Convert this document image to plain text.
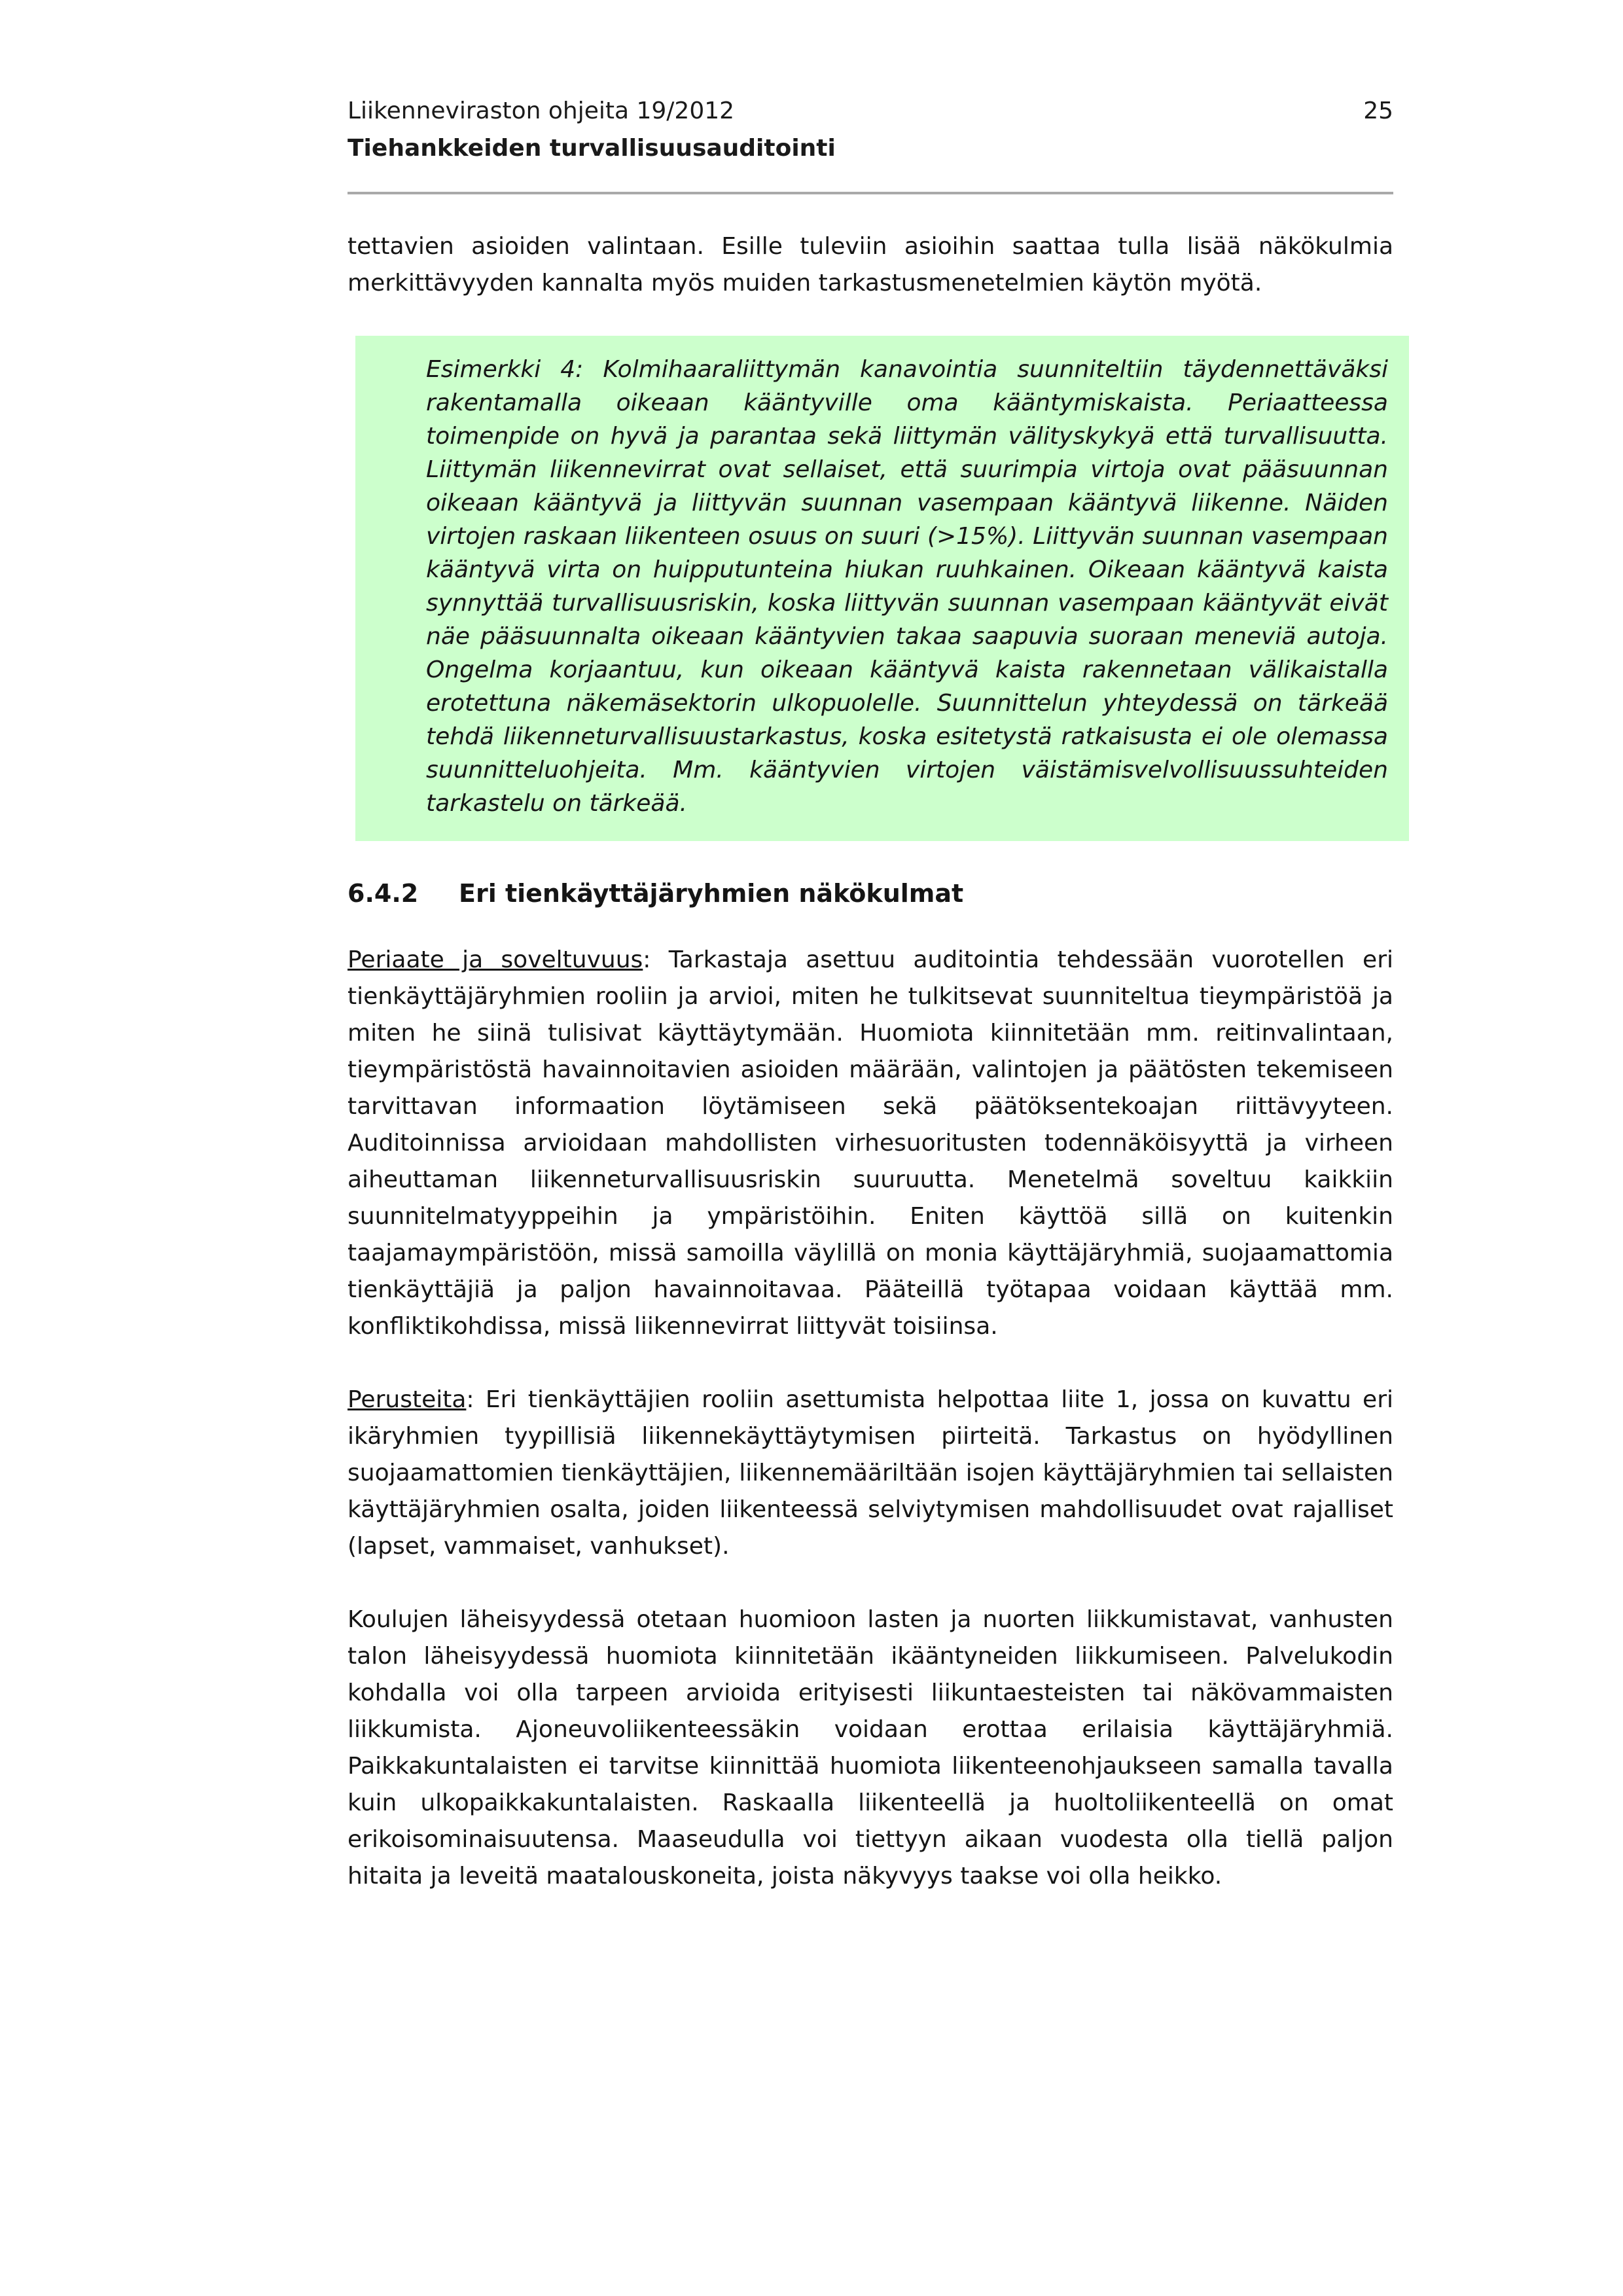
Liikenneviraston ohjeita 19/2012
Tiehankkeiden turvallisuusauditointi
25

tettavien asioiden valintaan. Esille tuleviin asioihin saattaa tulla lisää näkökulmia merkittävyyden kannalta myös muiden tarkastusmenetelmien käytön myötä.

Esimerkki 4: Kolmihaaraliittymän kanavointia suunniteltiin täydennettäväksi rakentamalla oikeaan kääntyville oma kääntymiskaista. Periaatteessa toimenpide on hyvä ja parantaa sekä liittymän välityskykyä että turvallisuutta. Liittymän liikennevirrat ovat sellaiset, että suurimpia virtoja ovat pääsuunnan oikeaan kääntyvä ja liittyvän suunnan vasempaan kääntyvä liikenne. Näiden virtojen raskaan liikenteen osuus on suuri (>15%). Liittyvän suunnan vasempaan kääntyvä virta on huipputunteina hiukan ruuhkainen. Oikeaan kääntyvä kaista synnyttää turvallisuusriskin, koska liittyvän suunnan vasempaan kääntyvät eivät näe pääsuunnalta oikeaan kääntyvien takaa saapuvia suoraan meneviä autoja. Ongelma korjaantuu, kun oikeaan kääntyvä kaista rakennetaan välikaistalla erotettuna näkemäsektorin ulkopuolelle. Suunnittelun yhteydessä on tärkeää tehdä liikenneturvallisuustarkastus, koska esitetystä ratkaisusta ei ole olemassa suunnitteluohjeita. Mm. kääntyvien virtojen väistämisvelvollisuussuhteiden tarkastelu on tärkeää.

6.4.2 Eri tienkäyttäjäryhmien näkökulmat

Periaate ja soveltuvuus: Tarkastaja asettuu auditointia tehdessään vuorotellen eri tienkäyttäjäryhmien rooliin ja arvioi, miten he tulkitsevat suunniteltua tieympäristöä ja miten he siinä tulisivat käyttäytymään. Huomiota kiinnitetään mm. reitinvalintaan, tieympäristöstä havainnoitavien asioiden määrään, valintojen ja päätösten tekemiseen tarvittavan informaation löytämiseen sekä päätöksentekoajan riittävyyteen. Auditoinnissa arvioidaan mahdollisten virhesuoritusten todennäköisyyttä ja virheen aiheuttaman liikenneturvallisuusriskin suuruutta. Menetelmä soveltuu kaikkiin suunnitelmatyyppeihin ja ympäristöihin. Eniten käyttöä sillä on kuitenkin taajamaympäristöön, missä samoilla väylillä on monia käyttäjäryhmiä, suojaamattomia tienkäyttäjiä ja paljon havainnoitavaa. Pääteillä työtapaa voidaan käyttää mm. konfliktikohdissa, missä liikennevirrat liittyvät toisiinsa.

Perusteita: Eri tienkäyttäjien rooliin asettumista helpottaa liite 1, jossa on kuvattu eri ikäryhmien tyypillisiä liikennekäyttäytymisen piirteitä. Tarkastus on hyödyllinen suojaamattomien tienkäyttäjien, liikennemääriltään isojen käyttäjäryhmien tai sellaisten käyttäjäryhmien osalta, joiden liikenteessä selviytymisen mahdollisuudet ovat rajalliset (lapset, vammaiset, vanhukset).

Koulujen läheisyydessä otetaan huomioon lasten ja nuorten liikkumistavat, vanhusten talon läheisyydessä huomiota kiinnitetään ikääntyneiden liikkumiseen. Palvelukodin kohdalla voi olla tarpeen arvioida erityisesti liikuntaesteisten tai näkövammaisten liikkumista. Ajoneuvoliikenteessäkin voidaan erottaa erilaisia käyttäjäryhmiä. Paikkakuntalaisten ei tarvitse kiinnittää huomiota liikenteenohjaukseen samalla tavalla kuin ulkopaikkakuntalaisten. Raskaalla liikenteellä ja huoltoliikenteellä on omat erikoisominaisuutensa. Maaseudulla voi tiettyyn aikaan vuodesta olla tiellä paljon hitaita ja leveitä maatalouskoneita, joista näkyvyys taakse voi olla heikko.
